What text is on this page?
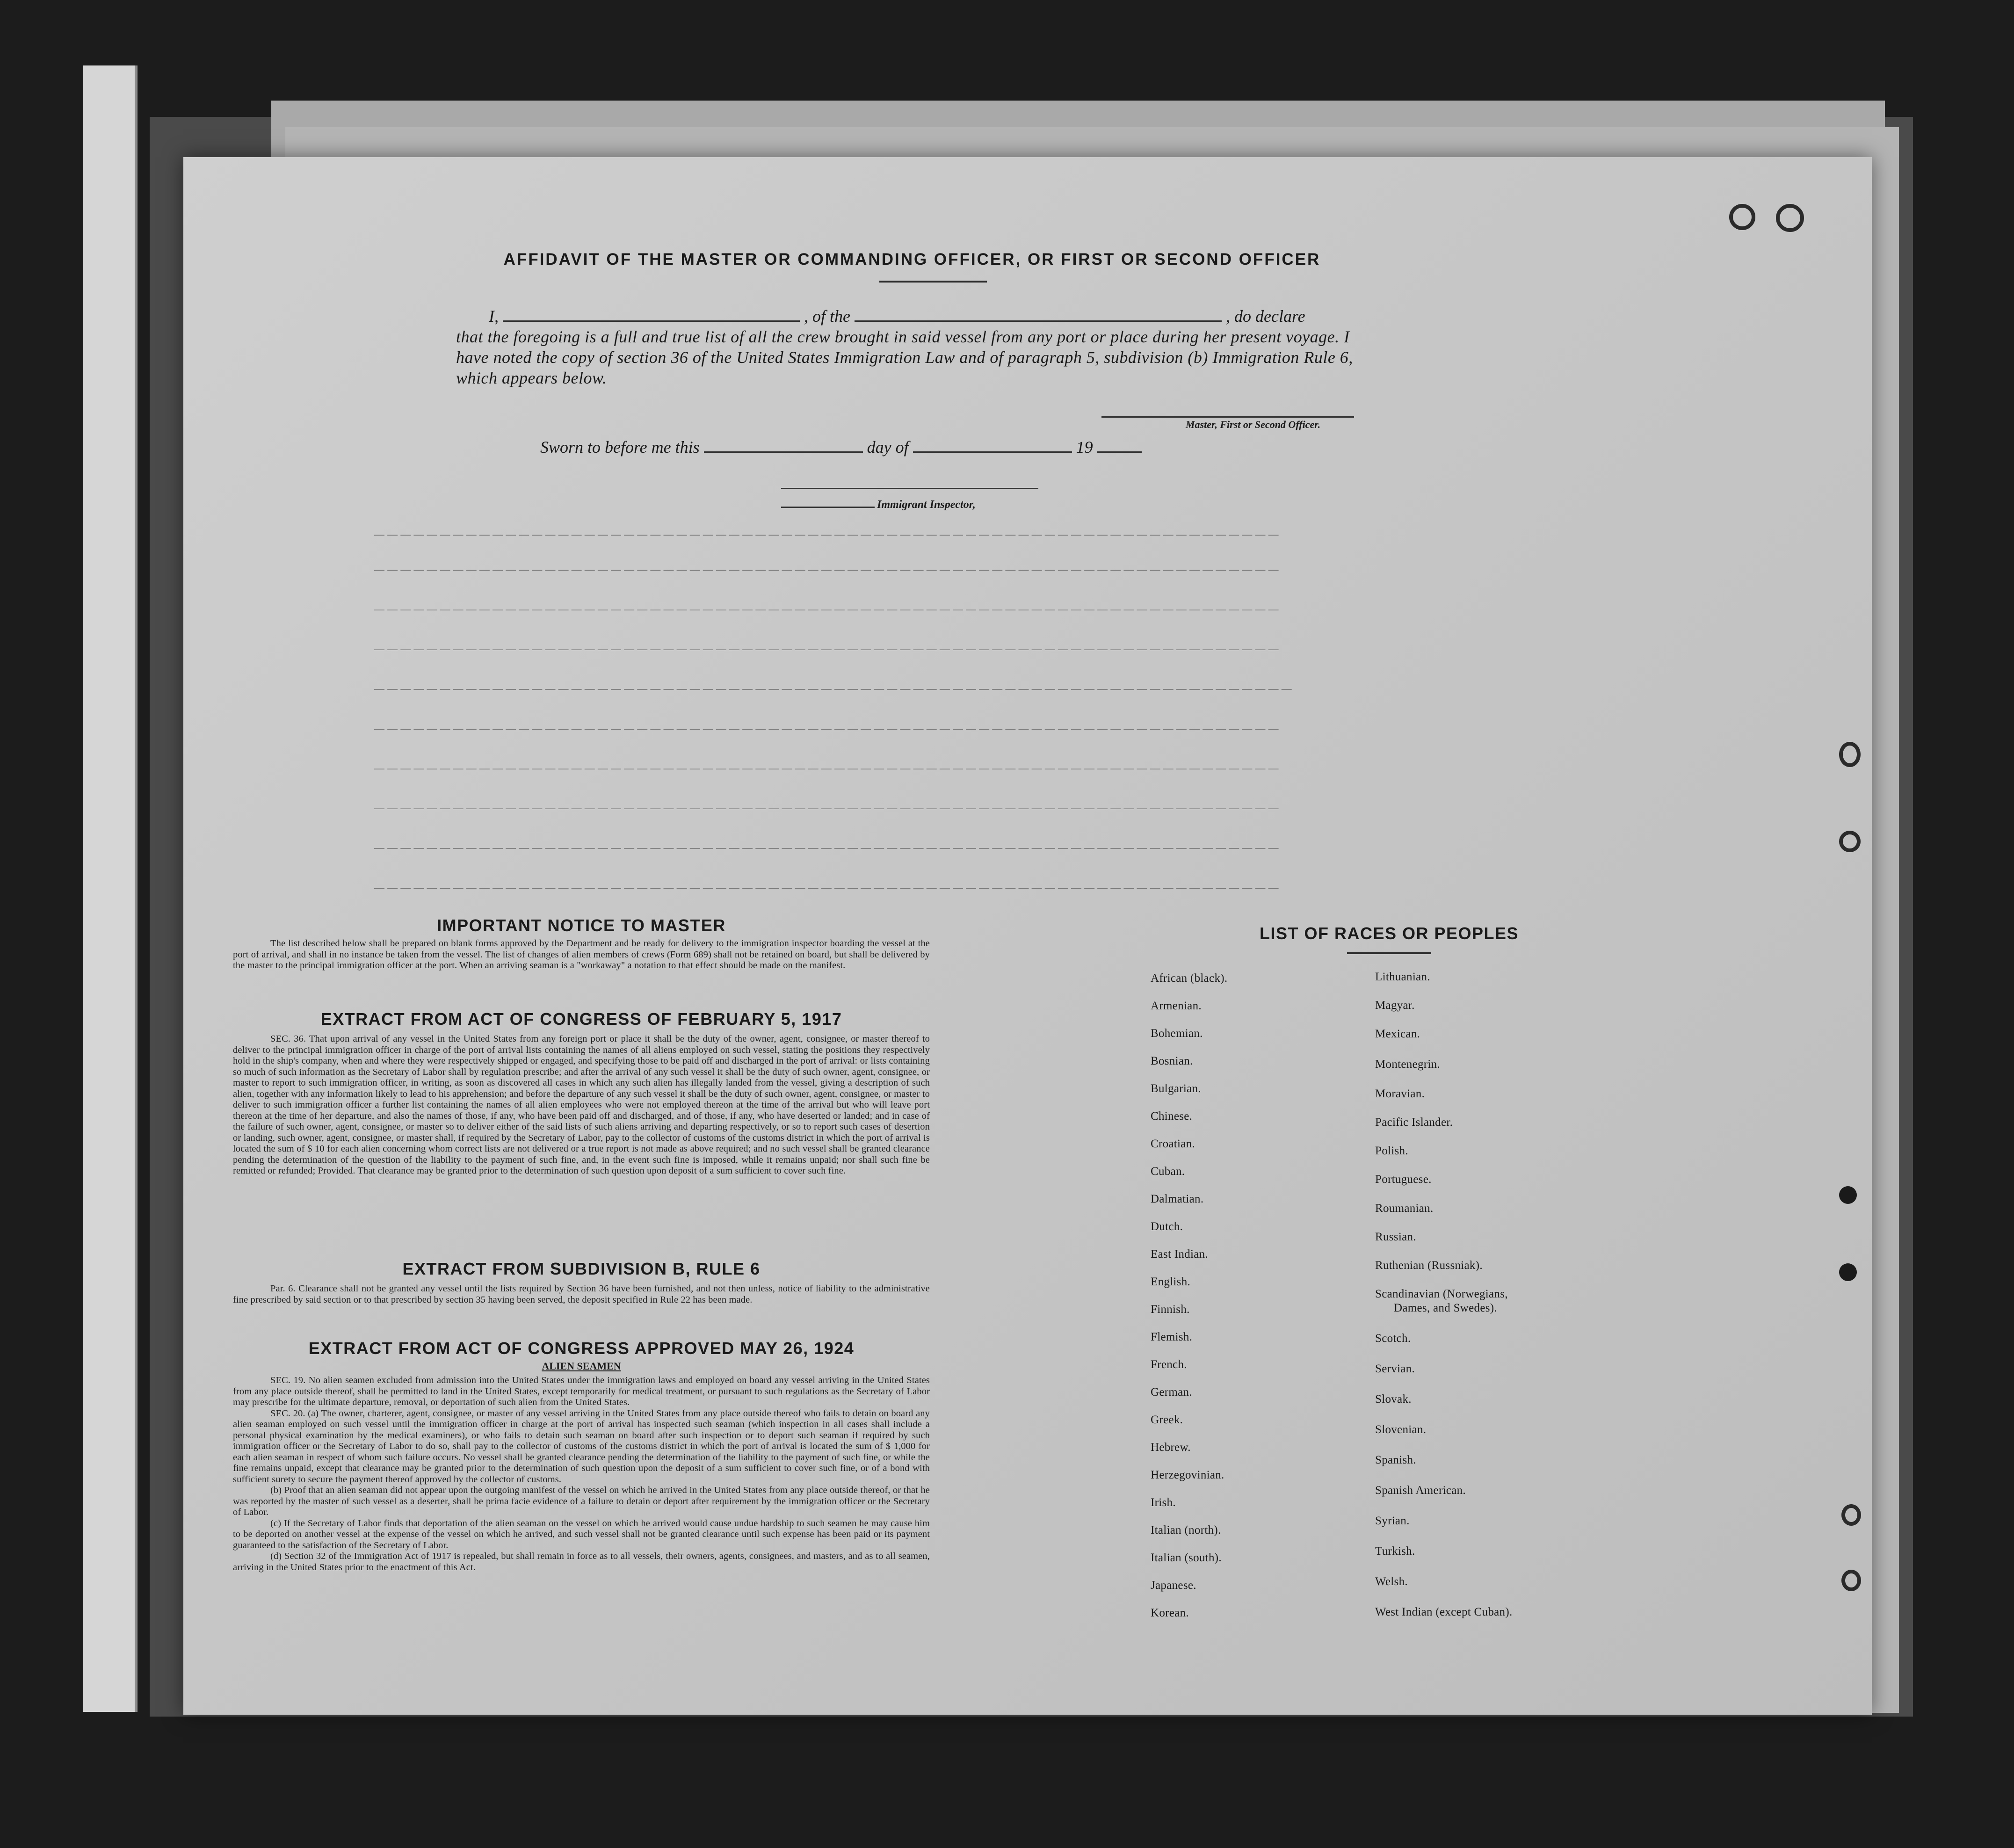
— — — — — — — — — — — — — — — — — — — — — — — — — — — — — — — — — — — — — — — — — — — — — — — — — — — — — — — — — — — — — — — — — — — — —
— — — — — — — — — — — — — — — — — — — — — — — — — — — — — — — — — — — — — — — — — — — — — — — — — — — — — — — — — — — — — — — — — — — — —
— — — — — — — — — — — — — — — — — — — — — — — — — — — — — — — — — — — — — — — — — — — — — — — — — — — — — — — — — — — — — — — — — — — — —
— — — — — — — — — — — — — — — — — — — — — — — — — — — — — — — — — — — — — — — — — — — — — — — — — — — — — — — — — — — — — — — — — — — — —
— — — — — — — — — — — — — — — — — — — — — — — — — — — — — — — — — — — — — — — — — — — — — — — — — — — — — — — — — — — — — — — — — — — — — —
— — — — — — — — — — — — — — — — — — — — — — — — — — — — — — — — — — — — — — — — — — — — — — — — — — — — — — — — — — — — — — — — — — — — —
— — — — — — — — — — — — — — — — — — — — — — — — — — — — — — — — — — — — — — — — — — — — — — — — — — — — — — — — — — — — — — — — — — — — —
— — — — — — — — — — — — — — — — — — — — — — — — — — — — — — — — — — — — — — — — — — — — — — — — — — — — — — — — — — — — — — — — — — — — —
— — — — — — — — — — — — — — — — — — — — — — — — — — — — — — — — — — — — — — — — — — — — — — — — — — — — — — — — — — — — — — — — — — — — —
— — — — — — — — — — — — — — — — — — — — — — — — — — — — — — — — — — — — — — — — — — — — — — — — — — — — — — — — — — — — — — — — — — — — —
AFFIDAVIT OF THE MASTER OR COMMANDING OFFICER, OR FIRST OR SECOND OFFICER
I,	, of the	, do declare
that the foregoing is a full and true list of all the crew brought in said vessel from any port or place during her present voyage. I have noted the copy of section 36 of the United States Immigration Law and of paragraph 5, subdivision (b) Immigration Rule 6, which appears below.
Master, First or Second Officer.
Sworn to before me this	day of	19
Immigrant Inspector,

IMPORTANT NOTICE TO MASTER

The list described below shall be prepared on blank forms approved by the Department and be ready for delivery to the immigration inspector boarding the vessel at the port of arrival, and shall in no instance be taken from the vessel. The list of changes of alien members of crews (Form 689) shall not be retained on board, but shall be delivered by the master to the principal immigration officer at the port. When an arriving seaman is a "workaway" a notation to that effect should be made on the manifest.

EXTRACT FROM ACT OF CONGRESS OF FEBRUARY 5, 1917

SEC. 36. That upon arrival of any vessel in the United States from any foreign port or place it shall be the duty of the owner, agent, consignee, or master thereof to deliver to the principal immigration officer in charge of the port of arrival lists containing the names of all aliens employed on such vessel, stating the positions they respectively hold in the ship's company, when and where they were respectively shipped or engaged, and specifying those to be paid off and discharged in the port of arrival: or lists containing so much of such information as the Secretary of Labor shall by regulation prescribe; and after the arrival of any such vessel it shall be the duty of such owner, agent, consignee, or master to report to such immigration officer, in writing, as soon as discovered all cases in which any such alien has illegally landed from the vessel, giving a description of such alien, together with any information likely to lead to his apprehension; and before the departure of any such vessel it shall be the duty of such owner, agent, consignee, or master to deliver to such immigration officer a further list containing the names of all alien employees who were not employed thereon at the time of the arrival but who will leave port thereon at the time of her departure, and also the names of those, if any, who have been paid off and discharged, and of those, if any, who have deserted or landed; and in case of the failure of such owner, agent, consignee, or master so to deliver either of the said lists of such aliens arriving and departing respectively, or so to report such cases of desertion or landing, such owner, agent, consignee, or master shall, if required by the Secretary of Labor, pay to the collector of customs of the customs district in which the port of arrival is located the sum of $ 10 for each alien concerning whom correct lists are not delivered or a true report is not made as above required; and no such vessel shall be granted clearance pending the determination of the question of the liability to the payment of such fine, and, in the event such fine is imposed, while it remains unpaid; nor shall such fine be remitted or refunded; Provided. That clearance may be granted prior to the determination of such question upon deposit of a sum sufficient to cover such fine.

EXTRACT FROM SUBDIVISION B, RULE 6

Par. 6. Clearance shall not be granted any vessel until the lists required by Section 36 have been furnished, and not then unless, notice of liability to the administrative fine prescribed by said section or to that prescribed by section 35 having been served, the deposit specified in Rule 22 has been made.

EXTRACT FROM ACT OF CONGRESS APPROVED MAY 26, 1924

ALIEN SEAMEN

SEC. 19. No alien seamen excluded from admission into the United States under the immigration laws and employed on board any vessel arriving in the United States from any place outside thereof, shall be permitted to land in the United States, except temporarily for medical treatment, or pursuant to such regulations as the Secretary of Labor may prescribe for the ultimate departure, removal, or deportation of such alien from the United States.

SEC. 20. (a) The owner, charterer, agent, consignee, or master of any vessel arriving in the United States from any place outside thereof who fails to detain on board any alien seaman employed on such vessel until the immigration officer in charge at the port of arrival has inspected such seaman (which inspection in all cases shall include a personal physical examination by the medical examiners), or who fails to detain such seaman on board after such inspection or to deport such seaman if required by such immigration officer or the Secretary of Labor to do so, shall pay to the collector of customs of the customs district in which the port of arrival is located the sum of $ 1,000 for each alien seaman in respect of whom such failure occurs. No vessel shall be granted clearance pending the determination of the liability to the payment of such fine, or while the fine remains unpaid, except that clearance may be granted prior to the determination of such question upon the deposit of a sum sufficient to cover such fine, or of a bond with sufficient surety to secure the payment thereof approved by the collector of customs.

(b) Proof that an alien seaman did not appear upon the outgoing manifest of the vessel on which he arrived in the United States from any place outside thereof, or that he was reported by the master of such vessel as a deserter, shall be prima facie evidence of a failure to detain or deport after requirement by the immigration officer or the Secretary of Labor.

(c) If the Secretary of Labor finds that deportation of the alien seaman on the vessel on which he arrived would cause undue hardship to such seamen he may cause him to be deported on another vessel at the expense of the vessel on which he arrived, and such vessel shall not be granted clearance until such expense has been paid or its payment guaranteed to the satisfaction of the Secretary of Labor.

(d) Section 32 of the Immigration Act of 1917 is repealed, but shall remain in force as to all vessels, their owners, agents, consignees, and masters, and as to all seamen, arriving in the United States prior to the enactment of this Act.

LIST OF RACES OR PEOPLES
African (black).
Armenian.
Bohemian.
Bosnian.
Bulgarian.
Chinese.
Croatian.
Cuban.
Dalmatian.
Dutch.
East Indian.
English.
Finnish.
Flemish.
French.
German.
Greek.
Hebrew.
Herzegovinian.
Irish.
Italian (north).
Italian (south).
Japanese.
Korean.
Lithuanian.
Magyar.
Mexican.
Montenegrin.
Moravian.
Pacific Islander.
Polish.
Portuguese.
Roumanian.
Russian.
Ruthenian (Russniak).
Scandinavian (Norwegians,
Dames, and Swedes).
Scotch.
Servian.
Slovak.
Slovenian.
Spanish.
Spanish American.
Syrian.
Turkish.
Welsh.
West Indian (except Cuban).
